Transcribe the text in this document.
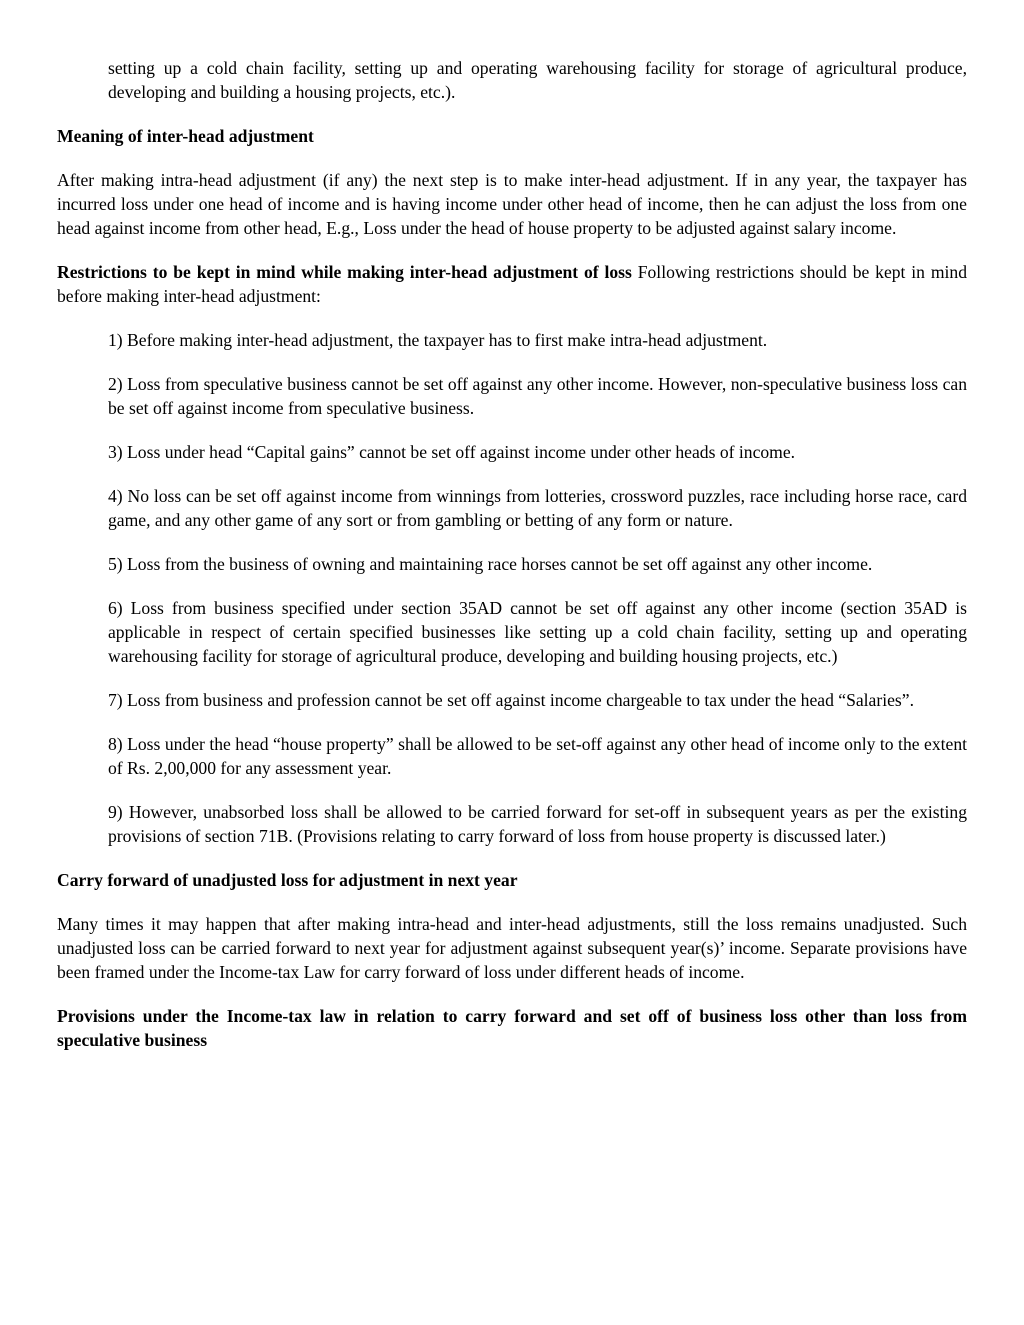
setting up a cold chain facility, setting up and operating warehousing facility for storage of agricultural produce, developing and building a housing projects, etc.).

Meaning of inter-head adjustment

After making intra-head adjustment (if any) the next step is to make inter-head adjustment. If in any year, the taxpayer has incurred loss under one head of income and is having income under other head of income, then he can adjust the loss from one head against income from other head, E.g., Loss under the head of house property to be adjusted against salary income.

Restrictions to be kept in mind while making inter-head adjustment of loss Following restrictions should be kept in mind before making inter-head adjustment:

1) Before making inter-head adjustment, the taxpayer has to first make intra-head adjustment.

2) Loss from speculative business cannot be set off against any other income. However, non-speculative business loss can be set off against income from speculative business.

3) Loss under head “Capital gains” cannot be set off against income under other heads of income.

4) No loss can be set off against income from winnings from lotteries, crossword puzzles, race including horse race, card game, and any other game of any sort or from gambling or betting of any form or nature.

5) Loss from the business of owning and maintaining race horses cannot be set off against any other income.

6) Loss from business specified under section 35AD cannot be set off against any other income (section 35AD is applicable in respect of certain specified businesses like setting up a cold chain facility, setting up and operating warehousing facility for storage of agricultural produce, developing and building housing projects, etc.)

7) Loss from business and profession cannot be set off against income chargeable to tax under the head “Salaries”.

8) Loss under the head “house property” shall be allowed to be set-off against any other head of income only to the extent of Rs. 2,00,000 for any assessment year.

9) However, unabsorbed loss shall be allowed to be carried forward for set-off in subsequent years as per the existing provisions of section 71B. (Provisions relating to carry forward of loss from house property is discussed later.)

Carry forward of unadjusted loss for adjustment in next year

Many times it may happen that after making intra-head and inter-head adjustments, still the loss remains unadjusted. Such unadjusted loss can be carried forward to next year for adjustment against subsequent year(s)’ income. Separate provisions have been framed under the Income-tax Law for carry forward of loss under different heads of income.

Provisions under the Income-tax law in relation to carry forward and set off of business loss other than loss from speculative business
